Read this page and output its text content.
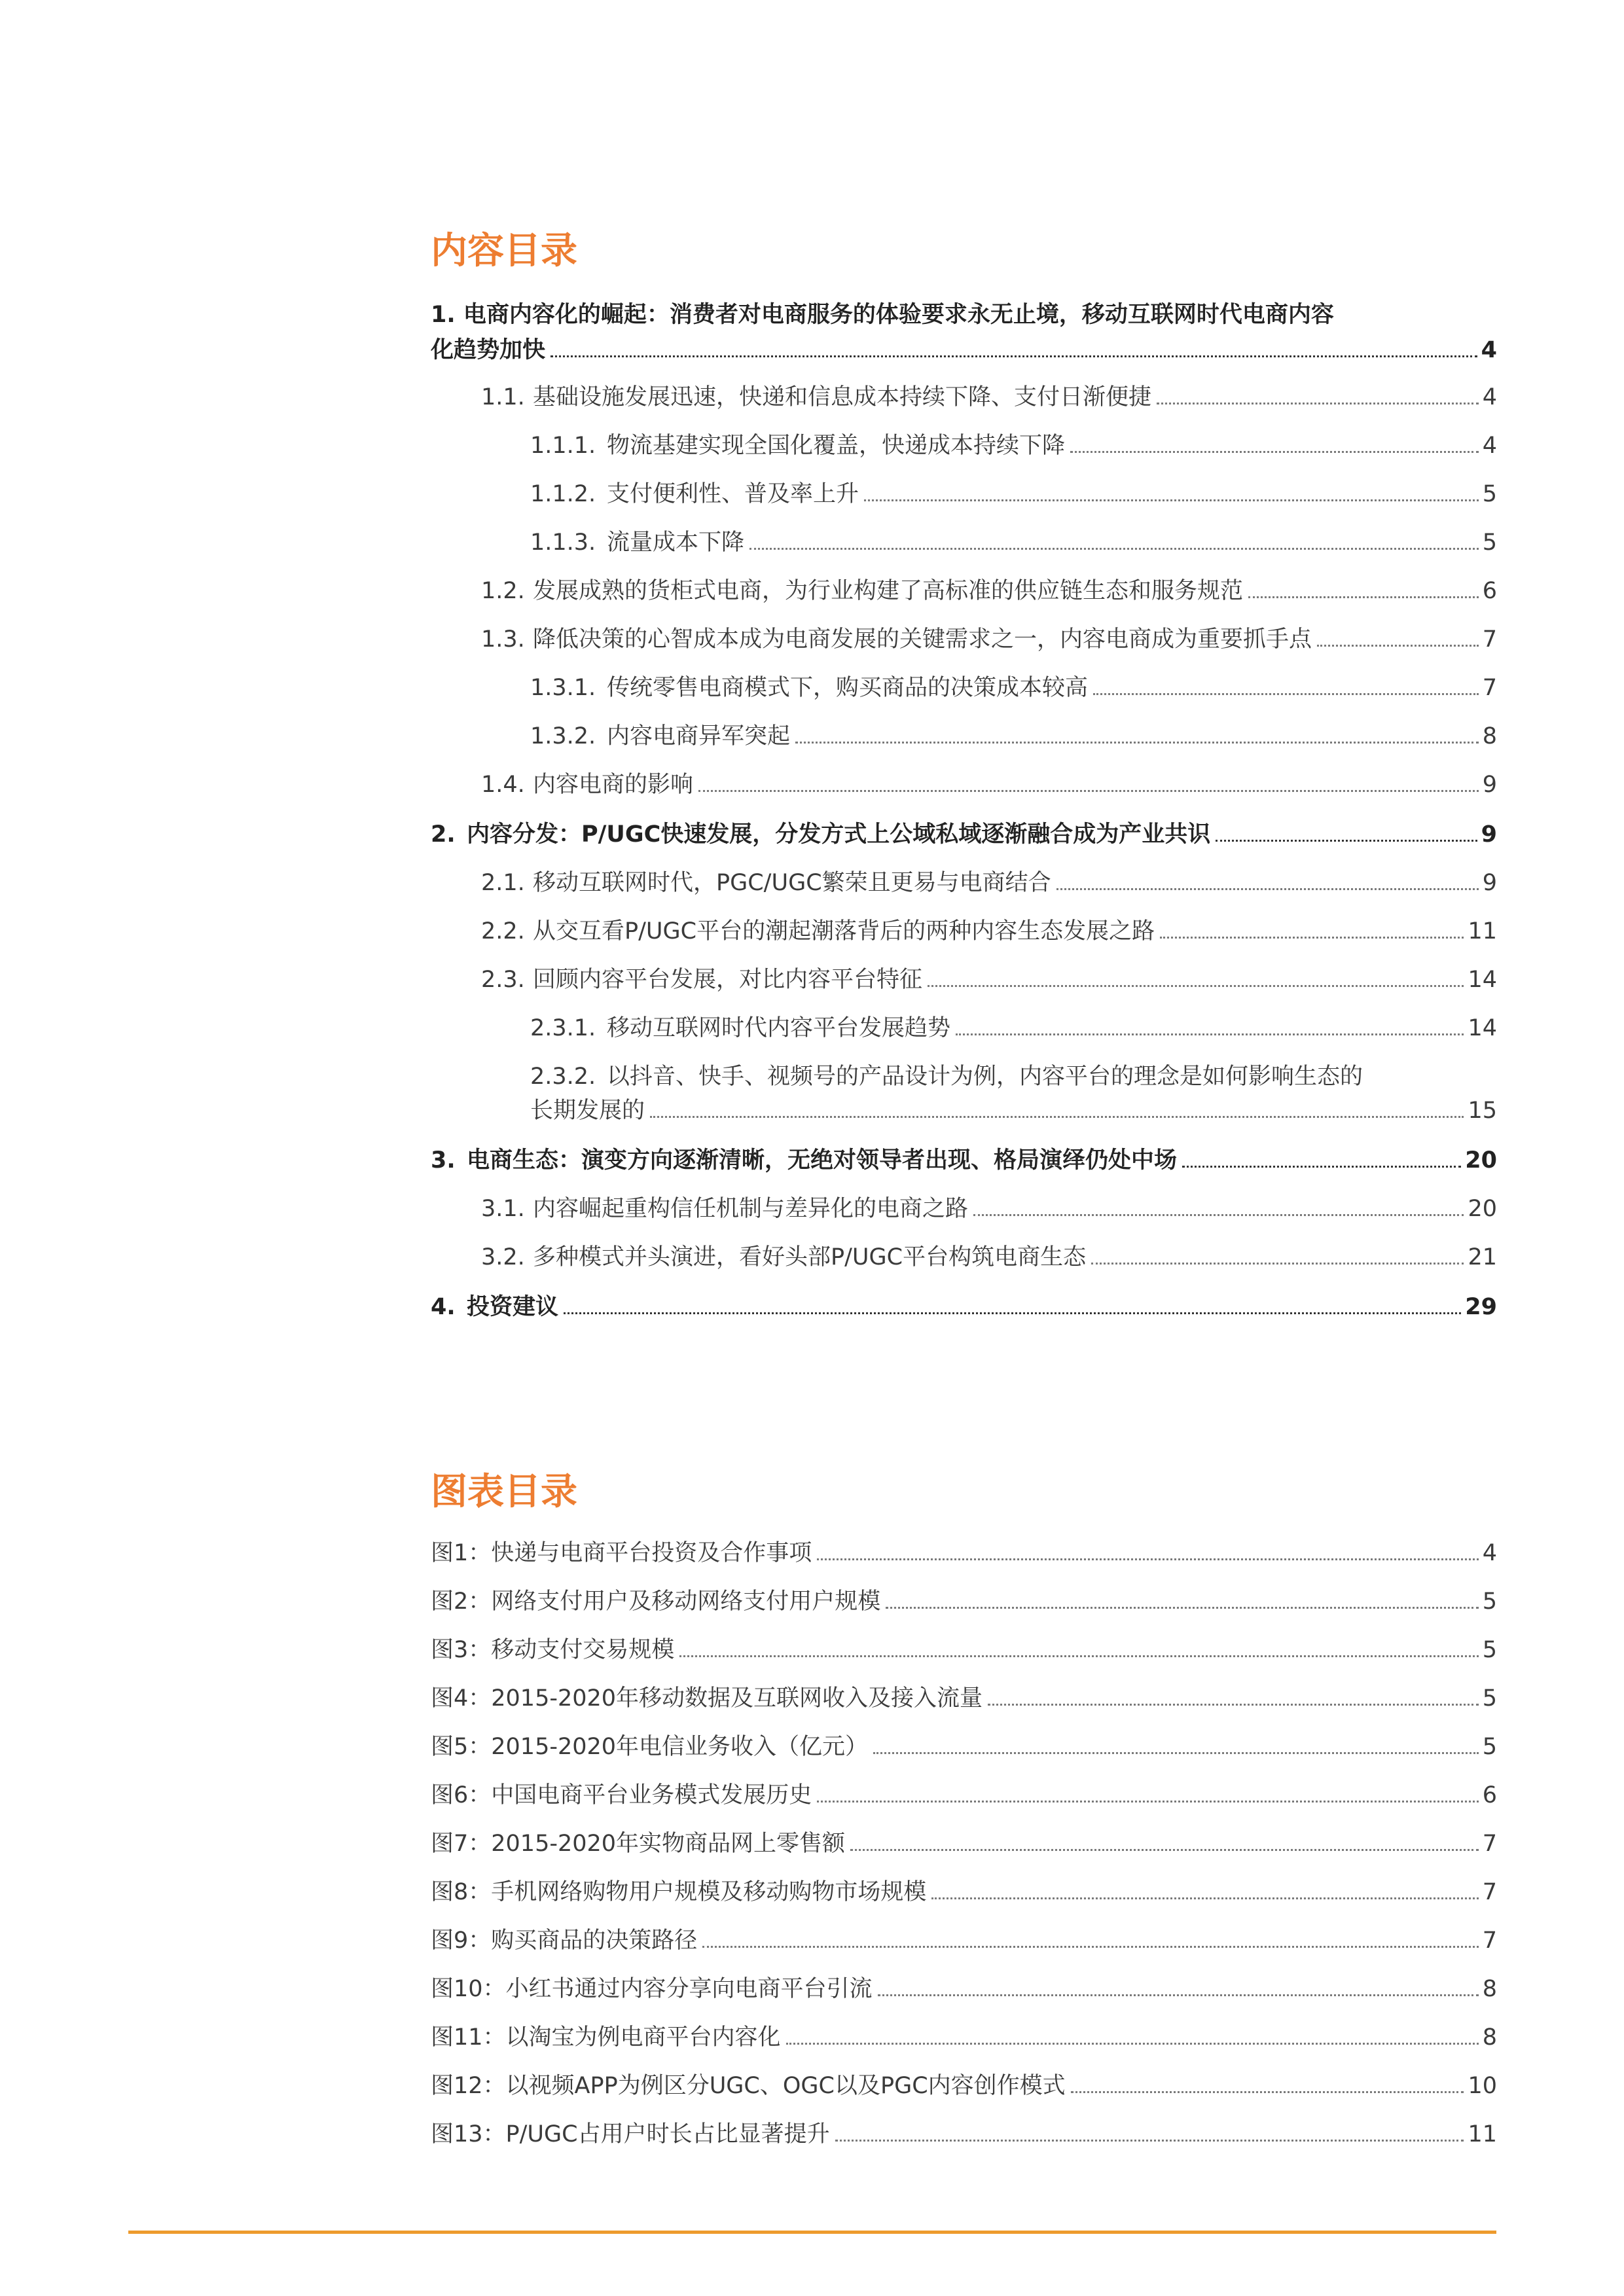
内容目录
1. 电商内容化的崛起：消费者对电商服务的体验要求永无止境，移动互联网时代电商内容
化趋势加快	4
1.1. 基础设施发展迅速，快递和信息成本持续下降、支付日渐便捷	4
1.1.1. 物流基建实现全国化覆盖，快递成本持续下降	4
1.1.2. 支付便利性、普及率上升	5
1.1.3. 流量成本下降	5
1.2. 发展成熟的货柜式电商，为行业构建了高标准的供应链生态和服务规范	6
1.3. 降低决策的心智成本成为电商发展的关键需求之一，内容电商成为重要抓手点	7
1.3.1. 传统零售电商模式下，购买商品的决策成本较高	7
1.3.2. 内容电商异军突起	8
1.4. 内容电商的影响	9
2. 内容分发：P/UGC快速发展，分发方式上公域私域逐渐融合成为产业共识	9
2.1. 移动互联网时代，PGC/UGC繁荣且更易与电商结合	9
2.2. 从交互看P/UGC平台的潮起潮落背后的两种内容生态发展之路	11
2.3. 回顾内容平台发展，对比内容平台特征	14
2.3.1. 移动互联网时代内容平台发展趋势	14
2.3.2. 以抖音、快手、视频号的产品设计为例，内容平台的理念是如何影响生态的
长期发展的	15
3. 电商生态：演变方向逐渐清晰，无绝对领导者出现、格局演绎仍处中场	20
3.1. 内容崛起重构信任机制与差异化的电商之路	20
3.2. 多种模式并头演进，看好头部P/UGC平台构筑电商生态	21
4. 投资建议	29
图表目录
图1：快递与电商平台投资及合作事项	4
图2：网络支付用户及移动网络支付用户规模	5
图3：移动支付交易规模	5
图4：2015-2020年移动数据及互联网收入及接入流量	5
图5：2015-2020年电信业务收入（亿元）	5
图6：中国电商平台业务模式发展历史	6
图7：2015-2020年实物商品网上零售额	7
图8：手机网络购物用户规模及移动购物市场规模	7
图9：购买商品的决策路径	7
图10：小红书通过内容分享向电商平台引流	8
图11：以淘宝为例电商平台内容化	8
图12：以视频APP为例区分UGC、OGC以及PGC内容创作模式	10
图13：P/UGC占用户时长占比显著提升	11
